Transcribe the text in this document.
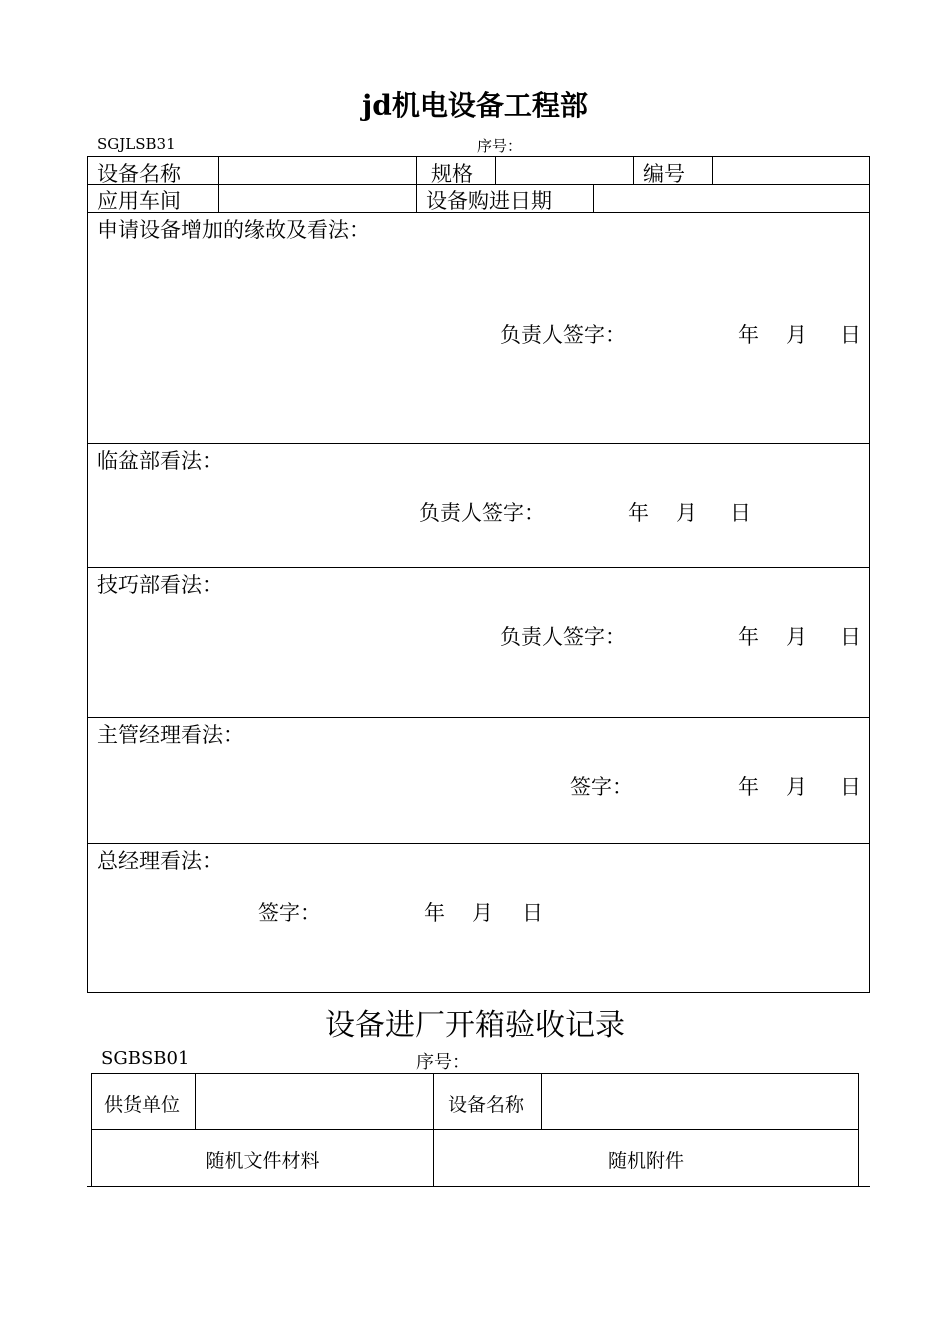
jd机电设备工程部
SGJLSB31	序号：
设备名称	规格	编号
应用车间	设备购进日期
申请设备增加的缘故及看法：
负责人签字：	年 月 日
临盆部看法：
负责人签字：	年 月 日
技巧部看法：
负责人签字：	年 月 日
主管经理看法：
签字：	年 月 日
总经理看法：
签字：	年 月 日
设备进厂开箱验收记录
SGBSB01	序号：
供货单位	设备名称
随机文件材料	随机附件
